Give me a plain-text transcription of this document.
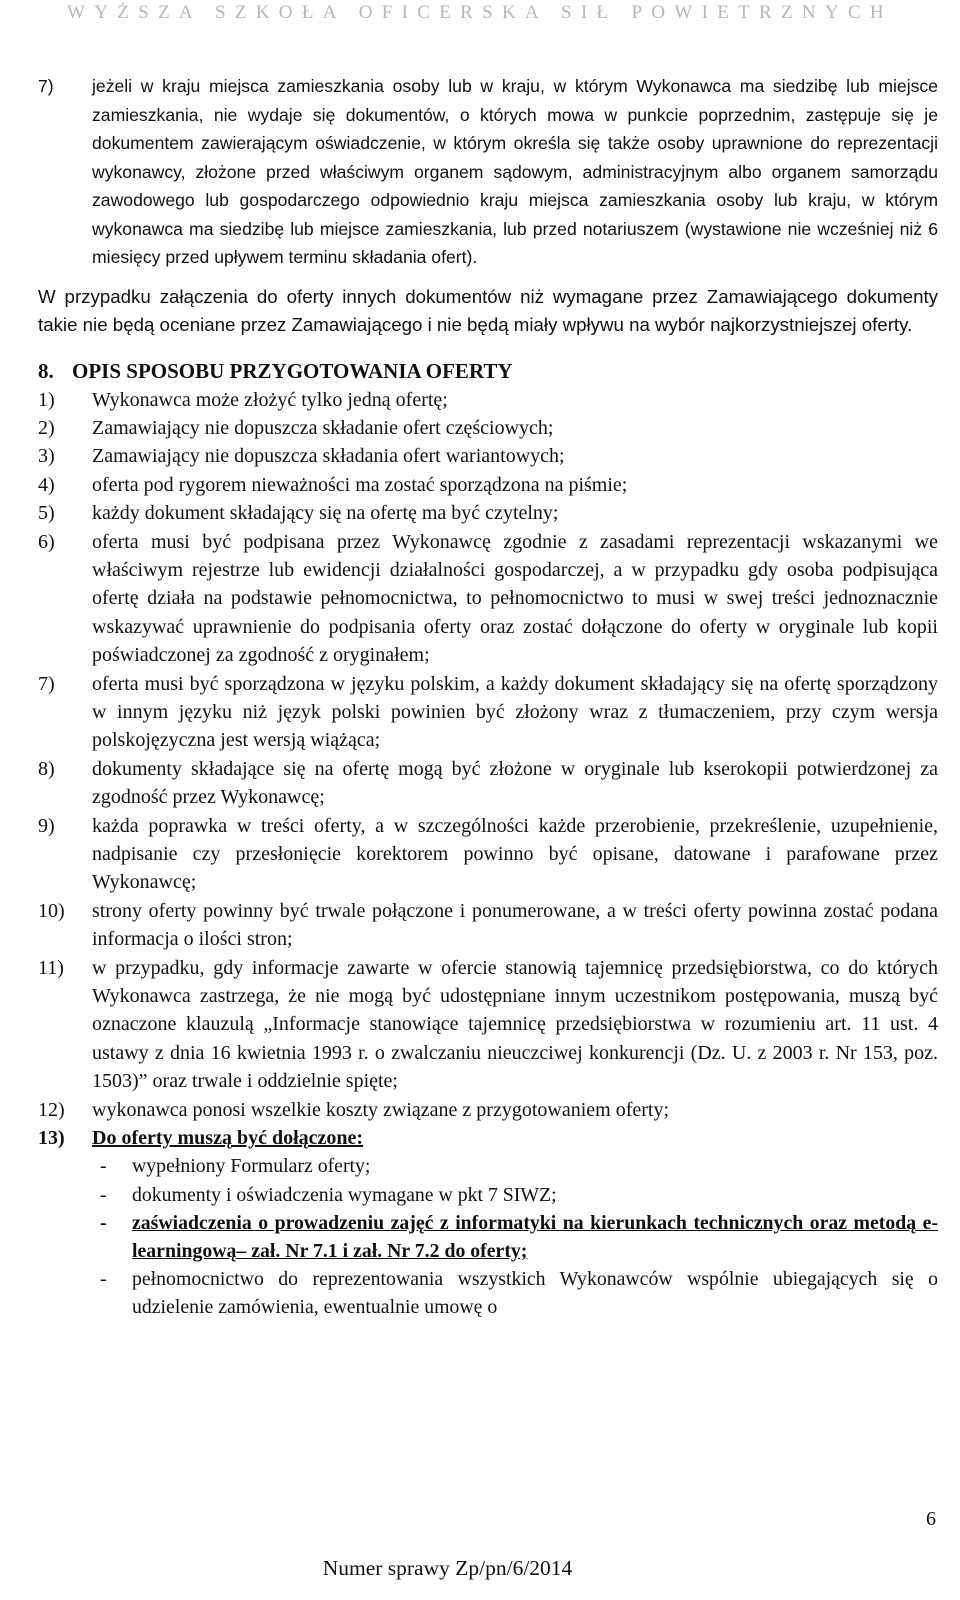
WYŻSZA SZKOŁA OFICERSKA SIŁ POWIETRZNYCH
7)	jeżeli w kraju miejsca zamieszkania osoby lub w kraju, w którym Wykonawca ma siedzibę lub miejsce zamieszkania, nie wydaje się dokumentów, o których mowa w punkcie poprzednim, zastępuje się je dokumentem zawierającym oświadczenie, w którym określa się także osoby uprawnione do reprezentacji wykonawcy, złożone przed właściwym organem sądowym, administracyjnym albo organem samorządu zawodowego lub gospodarczego odpowiednio kraju miejsca zamieszkania osoby lub kraju, w którym wykonawca ma siedzibę lub miejsce zamieszkania, lub przed notariuszem (wystawione nie wcześniej niż 6 miesięcy przed upływem terminu składania ofert).
W przypadku załączenia do oferty innych dokumentów niż wymagane przez Zamawiającego dokumenty takie nie będą oceniane przez Zamawiającego i nie będą miały wpływu na wybór najkorzystniejszej oferty.
8. OPIS SPOSOBU PRZYGOTOWANIA OFERTY
1)	Wykonawca może złożyć tylko jedną ofertę;
2)	Zamawiający nie dopuszcza składanie ofert częściowych;
3)	Zamawiający nie dopuszcza składania ofert wariantowych;
4)	oferta pod rygorem nieważności ma zostać sporządzona na piśmie;
5)	każdy dokument składający się na ofertę ma być czytelny;
6)	oferta musi być podpisana przez Wykonawcę zgodnie z zasadami reprezentacji wskazanymi we właściwym rejestrze lub ewidencji działalności gospodarczej, a w przypadku gdy osoba podpisująca ofertę działa na podstawie pełnomocnictwa, to pełnomocnictwo to musi w swej treści jednoznacznie wskazywać uprawnienie do podpisania oferty oraz zostać dołączone do oferty w oryginale lub kopii poświadczonej za zgodność z oryginałem;
7)	oferta musi być sporządzona w języku polskim, a każdy dokument składający się na ofertę sporządzony w innym języku niż język polski powinien być złożony wraz z tłumaczeniem, przy czym wersja polskojęzyczna jest wersją wiążąca;
8)	dokumenty składające się na ofertę mogą być złożone w oryginale lub kserokopii potwierdzonej za zgodność przez Wykonawcę;
9)	każda poprawka w treści oferty, a w szczególności każde przerobienie, przekreślenie, uzupełnienie, nadpisanie czy przesłonięcie korektorem powinno być opisane, datowane i parafowane przez Wykonawcę;
10)	strony oferty powinny być trwale połączone i ponumerowane, a w treści oferty powinna zostać podana informacja o ilości stron;
11)	w przypadku, gdy informacje zawarte w ofercie stanowią tajemnicę przedsiębiorstwa, co do których Wykonawca zastrzega, że nie mogą być udostępniane innym uczestnikom postępowania, muszą być oznaczone klauzulą „Informacje stanowiące tajemnicę przedsiębiorstwa w rozumieniu art. 11 ust. 4 ustawy z dnia 16 kwietnia 1993 r. o zwalczaniu nieuczciwej konkurencji (Dz. U. z 2003 r. Nr 153, poz. 1503)” oraz trwale i oddzielnie spięte;
12)	wykonawca ponosi wszelkie koszty związane z przygotowaniem oferty;
13)	Do oferty muszą być dołączone:
-	wypełniony Formularz oferty;
-	dokumenty i oświadczenia wymagane w pkt 7 SIWZ;
-	zaświadczenia o prowadzeniu zajęć z informatyki na kierunkach technicznych oraz metodą e-learningową– zał. Nr 7.1 i zał. Nr 7.2 do oferty;
-	pełnomocnictwo do reprezentowania wszystkich Wykonawców wspólnie ubiegających się o udzielenie zamówienia, ewentualnie umowę o
6
Numer sprawy Zp/pn/6/2014
